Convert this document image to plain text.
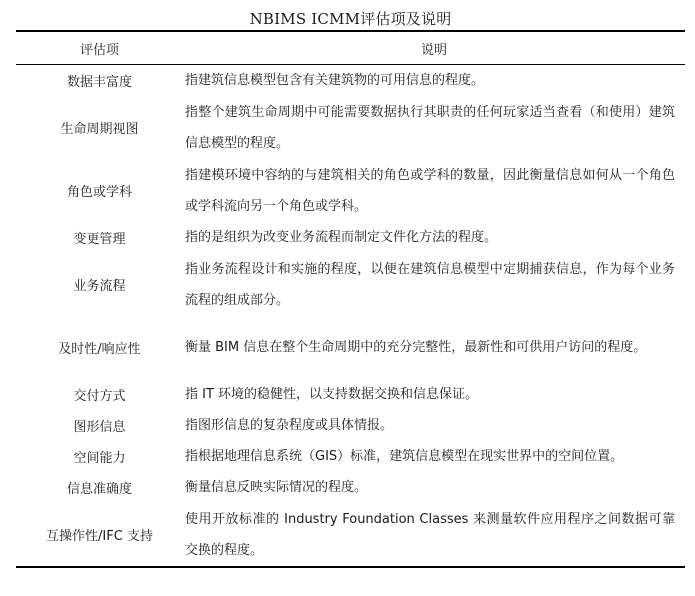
NBIMS ICMM评估项及说明
评估项	说明
数据丰富度	指建筑信息模型包含有关建筑物的可用信息的程度。
生命周期视图	指整个建筑生命周期中可能需要数据执行其职责的任何玩家适当查看（和使用）建筑信息模型的程度。
角色或学科	指建模环境中容纳的与建筑相关的角色或学科的数量，因此衡量信息如何从一个角色或学科流向另一个角色或学科。
变更管理	指的是组织为改变业务流程而制定文件化方法的程度。
业务流程	指业务流程设计和实施的程度，以便在建筑信息模型中定期捕获信息，作为每个业务流程的组成部分。
及时性/响应性	衡量 BIM 信息在整个生命周期中的充分完整性，最新性和可供用户访问的程度。
交付方式	指 IT 环境的稳健性，以支持数据交换和信息保证。
图形信息	指图形信息的复杂程度或具体情报。
空间能力	指根据地理信息系统（GIS）标准，建筑信息模型在现实世界中的空间位置。
信息准确度	衡量信息反映实际情况的程度。
互操作性/IFC 支持	使用开放标准的 Industry Foundation Classes 来测量软件应用程序之间数据可靠交换的程度。
